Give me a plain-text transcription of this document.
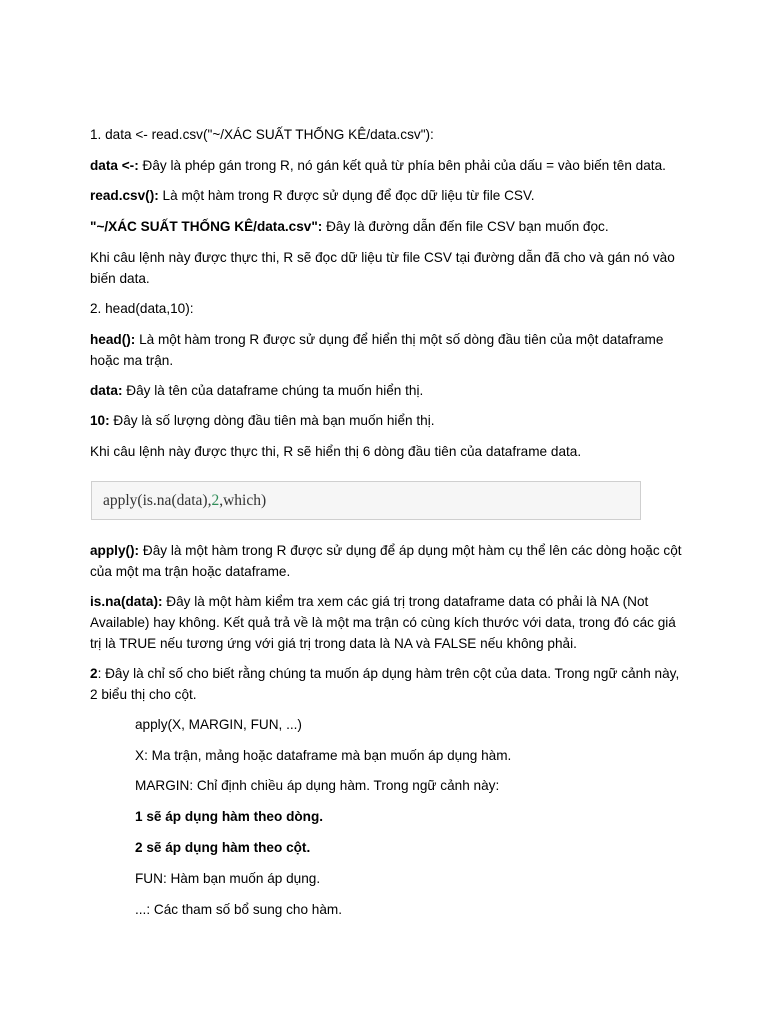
1. data <- read.csv("~/XÁC SUẤT THỐNG KÊ/data.csv"):

data <-: Đây là phép gán trong R, nó gán kết quả từ phía bên phải của dấu = vào biến tên data.

read.csv(): Là một hàm trong R được sử dụng để đọc dữ liệu từ file CSV.

"~/XÁC SUẤT THỐNG KÊ/data.csv": Đây là đường dẫn đến file CSV bạn muốn đọc.

Khi câu lệnh này được thực thi, R sẽ đọc dữ liệu từ file CSV tại đường dẫn đã cho và gán nó vào biến data.

2. head(data,10):

head(): Là một hàm trong R được sử dụng để hiển thị một số dòng đầu tiên của một dataframe hoặc ma trận.

data: Đây là tên của dataframe chúng ta muốn hiển thị.

10: Đây là số lượng dòng đầu tiên mà bạn muốn hiển thị.

Khi câu lệnh này được thực thi, R sẽ hiển thị 6 dòng đầu tiên của dataframe data.

apply(is.na(data),2,which)

apply(): Đây là một hàm trong R được sử dụng để áp dụng một hàm cụ thể lên các dòng hoặc cột của một ma trận hoặc dataframe.

is.na(data): Đây là một hàm kiểm tra xem các giá trị trong dataframe data có phải là NA (Not Available) hay không. Kết quả trả về là một ma trận có cùng kích thước với data, trong đó các giá trị là TRUE nếu tương ứng với giá trị trong data là NA và FALSE nếu không phải.

2: Đây là chỉ số cho biết rằng chúng ta muốn áp dụng hàm trên cột của data. Trong ngữ cảnh này, 2 biểu thị cho cột.

apply(X, MARGIN, FUN, ...)

X: Ma trận, mảng hoặc dataframe mà bạn muốn áp dụng hàm.

MARGIN: Chỉ định chiều áp dụng hàm. Trong ngữ cảnh này:

1 sẽ áp dụng hàm theo dòng.

2 sẽ áp dụng hàm theo cột.

FUN: Hàm bạn muốn áp dụng.

...: Các tham số bổ sung cho hàm.
